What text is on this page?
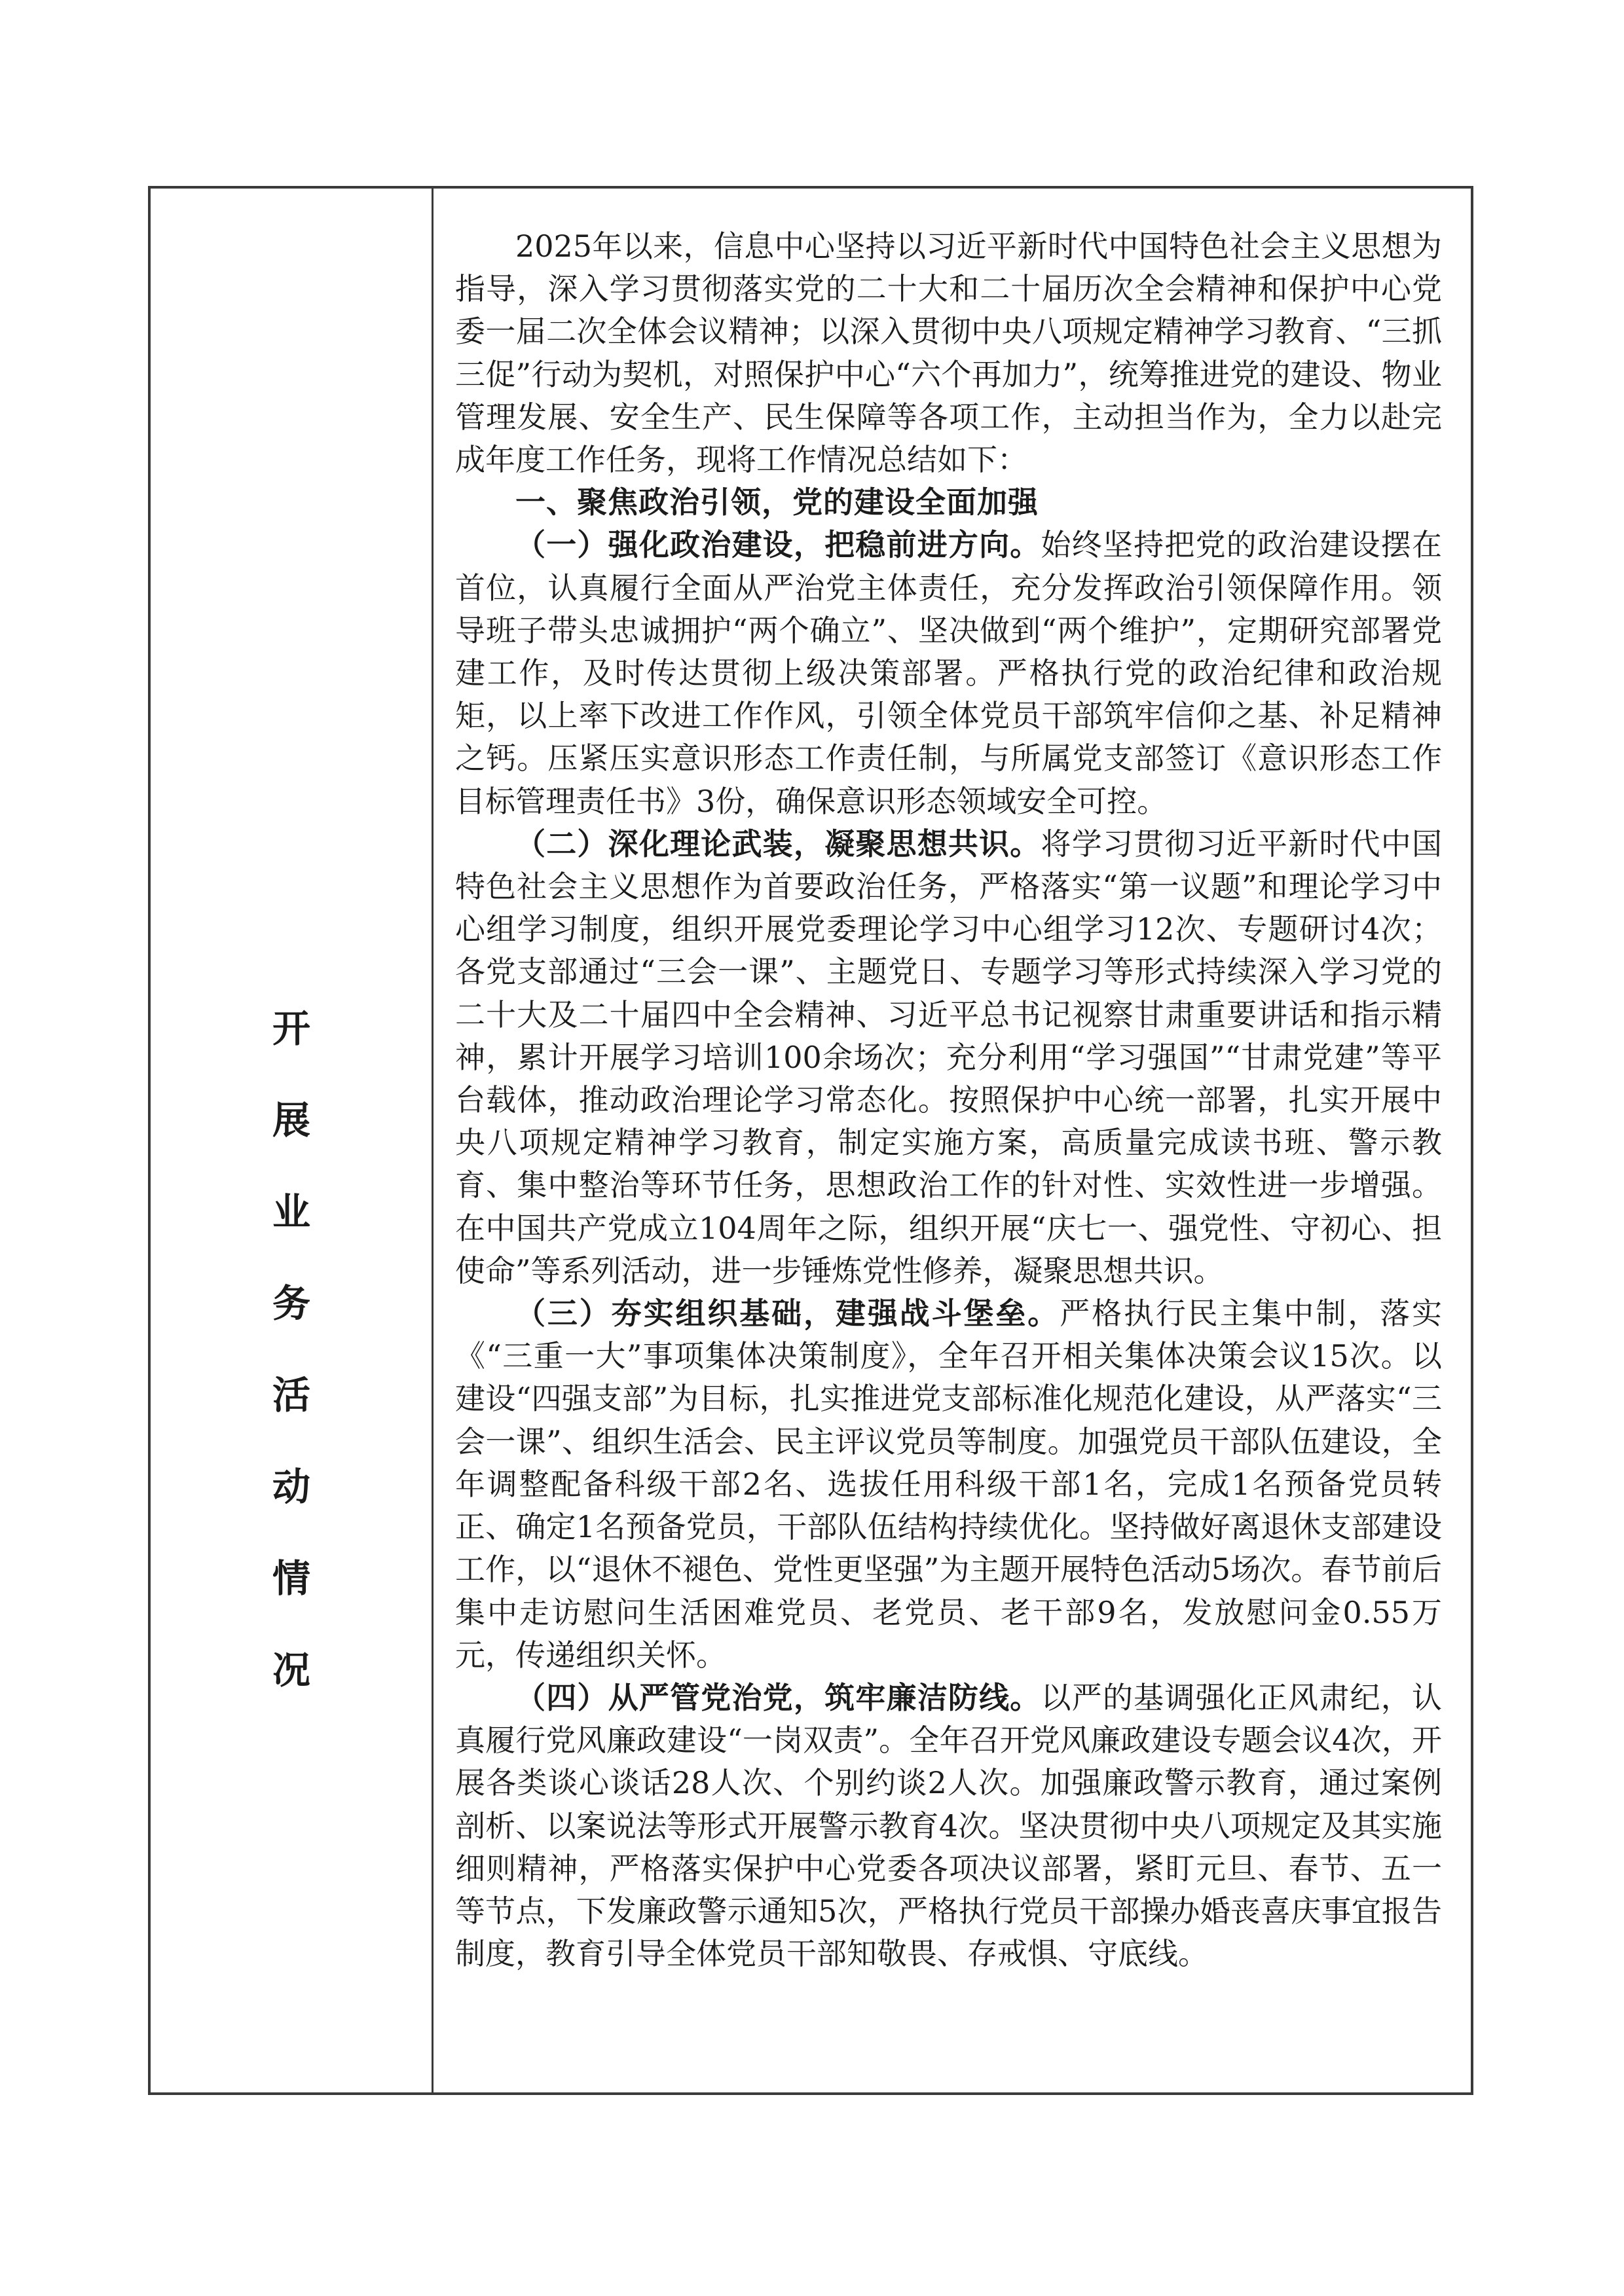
开
展
业
务
活
动
情
况

2025年以来，信息中心坚持以习近平新时代中国特色社会主义思想为指导，深入学习贯彻落实党的二十大和二十届历次全会精神和保护中心党委一届二次全体会议精神；以深入贯彻中央八项规定精神学习教育、“三抓三促”行动为契机，对照保护中心“六个再加力”，统筹推进党的建设、物业管理发展、安全生产、民生保障等各项工作，主动担当作为，全力以赴完成年度工作任务，现将工作情况总结如下：

一、聚焦政治引领，党的建设全面加强

（一）强化政治建设，把稳前进方向。始终坚持把党的政治建设摆在首位，认真履行全面从严治党主体责任，充分发挥政治引领保障作用。领导班子带头忠诚拥护“两个确立”、坚决做到“两个维护”，定期研究部署党建工作，及时传达贯彻上级决策部署。严格执行党的政治纪律和政治规矩，以上率下改进工作作风，引领全体党员干部筑牢信仰之基、补足精神之钙。压紧压实意识形态工作责任制，与所属党支部签订《意识形态工作目标管理责任书》3份，确保意识形态领域安全可控。

（二）深化理论武装，凝聚思想共识。将学习贯彻习近平新时代中国特色社会主义思想作为首要政治任务，严格落实“第一议题”和理论学习中心组学习制度，组织开展党委理论学习中心组学习12次、专题研讨4次；各党支部通过“三会一课”、主题党日、专题学习等形式持续深入学习党的二十大及二十届四中全会精神、习近平总书记视察甘肃重要讲话和指示精神，累计开展学习培训100余场次；充分利用“学习强国”“甘肃党建”等平台载体，推动政治理论学习常态化。按照保护中心统一部署，扎实开展中央八项规定精神学习教育，制定实施方案，高质量完成读书班、警示教育、集中整治等环节任务，思想政治工作的针对性、实效性进一步增强。在中国共产党成立104周年之际，组织开展“庆七一、强党性、守初心、担使命”等系列活动，进一步锤炼党性修养，凝聚思想共识。

（三）夯实组织基础，建强战斗堡垒。严格执行民主集中制，落实《“三重一大”事项集体决策制度》，全年召开相关集体决策会议15次。以建设“四强支部”为目标，扎实推进党支部标准化规范化建设，从严落实“三会一课”、组织生活会、民主评议党员等制度。加强党员干部队伍建设，全年调整配备科级干部2名、选拔任用科级干部1名，完成1名预备党员转正、确定1名预备党员，干部队伍结构持续优化。坚持做好离退休支部建设工作，以“退休不褪色、党性更坚强”为主题开展特色活动5场次。春节前后集中走访慰问生活困难党员、老党员、老干部9名，发放慰问金0.55万元，传递组织关怀。

（四）从严管党治党，筑牢廉洁防线。以严的基调强化正风肃纪，认真履行党风廉政建设“一岗双责”。全年召开党风廉政建设专题会议4次，开展各类谈心谈话28人次、个别约谈2人次。加强廉政警示教育，通过案例剖析、以案说法等形式开展警示教育4次。坚决贯彻中央八项规定及其实施细则精神，严格落实保护中心党委各项决议部署，紧盯元旦、春节、五一等节点，下发廉政警示通知5次，严格执行党员干部操办婚丧喜庆事宜报告制度，教育引导全体党员干部知敬畏、存戒惧、守底线。
